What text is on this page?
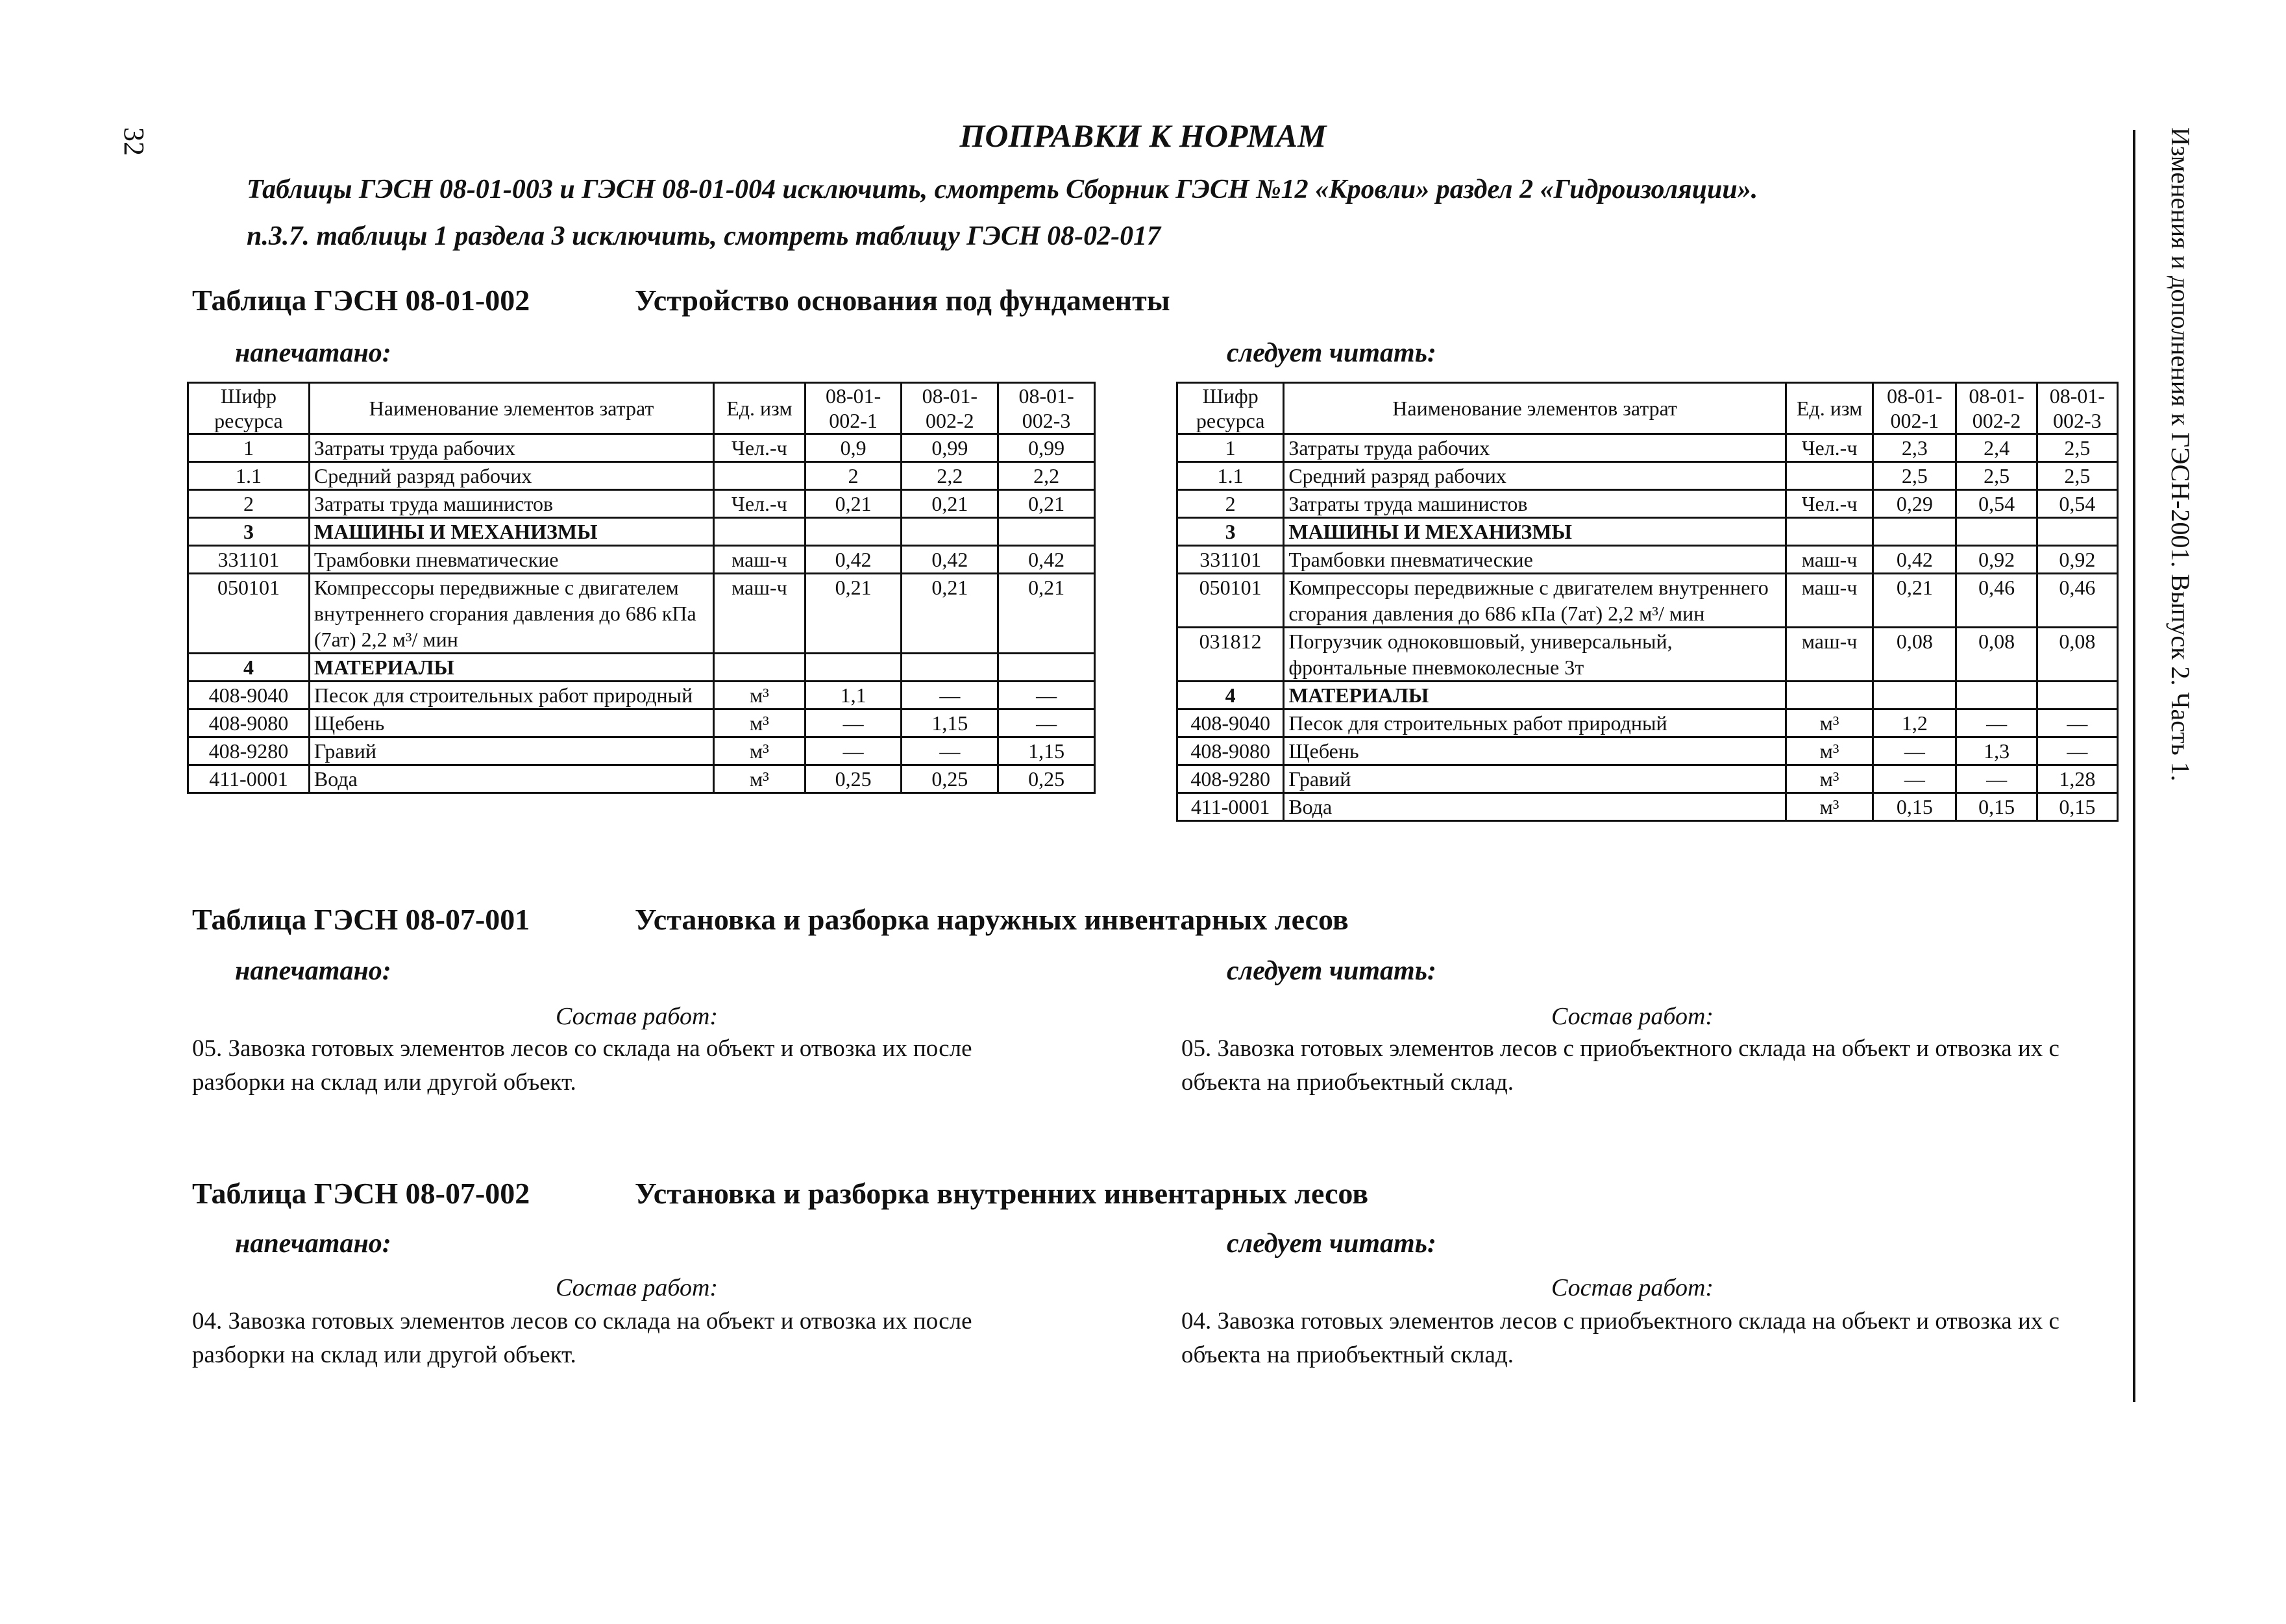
32	ПОПРАВКИ К НОРМАМ
Таблицы ГЭСН 08-01-003 и ГЭСН 08-01-004 исключить, смотреть Сборник ГЭСН №12 «Кровли» раздел 2 «Гидроизоляции».
п.3.7. таблицы 1 раздела 3 исключить, смотреть таблицу ГЭСН 08-02-017
Таблица ГЭСН 08-01-002	Устройство основания под фундаменты
напечатано:	следует читать:
Шифр ресурса	Наименование элементов затрат	Ед. изм	08-01-002-1	08-01-002-2	08-01-002-3
1	Затраты труда рабочих	Чел.-ч	0,9	0,99	0,99
1.1	Средний разряд рабочих		2	2,2	2,2
2	Затраты труда машинистов	Чел.-ч	0,21	0,21	0,21
3	МАШИНЫ И МЕХАНИЗМЫ				
331101	Трамбовки пневматические	маш-ч	0,42	0,42	0,42
050101	Компрессоры передвижные с двигателем внутреннего сгорания давления до 686 кПа (7ат) 2,2 м³/ мин	маш-ч	0,21	0,21	0,21
4	МАТЕРИАЛЫ				
408-9040	Песок для строительных работ природный	м³	1,1	—	—
408-9080	Щебень	м³	—	1,15	—
408-9280	Гравий	м³	—	—	1,15
411-0001	Вода	м³	0,25	0,25	0,25
Шифр ресурса	Наименование элементов затрат	Ед. изм	08-01-002-1	08-01-002-2	08-01-002-3
1	Затраты труда рабочих	Чел.-ч	2,3	2,4	2,5
1.1	Средний разряд рабочих		2,5	2,5	2,5
2	Затраты труда машинистов	Чел.-ч	0,29	0,54	0,54
3	МАШИНЫ И МЕХАНИЗМЫ				
331101	Трамбовки пневматические	маш-ч	0,42	0,92	0,92
050101	Компрессоры передвижные с двигателем внутреннего сгорания давления до 686 кПа (7ат) 2,2 м³/ мин	маш-ч	0,21	0,46	0,46
031812	Погрузчик одноковшовый, универсальный, фронтальные пневмоколесные 3т	маш-ч	0,08	0,08	0,08
4	МАТЕРИАЛЫ				
408-9040	Песок для строительных работ природный	м³	1,2	—	—
408-9080	Щебень	м³	—	1,3	—
408-9280	Гравий	м³	—	—	1,28
411-0001	Вода	м³	0,15	0,15	0,15
Таблица ГЭСН 08-07-001	Установка и разборка наружных инвентарных лесов
напечатано:	следует читать:
Состав работ:	Состав работ:
05. Завозка готовых элементов лесов со склада на объект и отвозка их после разборки на склад или другой объект.
05. Завозка готовых элементов лесов с приобъектного склада на объект и отвозка их с объекта на приобъектный склад.
Таблица ГЭСН 08-07-002	Установка и разборка внутренних инвентарных лесов
напечатано:	следует читать:
Состав работ:	Состав работ:
04. Завозка готовых элементов лесов со склада на объект и отвозка их после разборки на склад или другой объект.
04. Завозка готовых элементов лесов с приобъектного склада на объект и отвозка их с объекта на приобъектный склад.
Изменения и дополнения к ГЭСН-2001. Выпуск 2. Часть 1.
